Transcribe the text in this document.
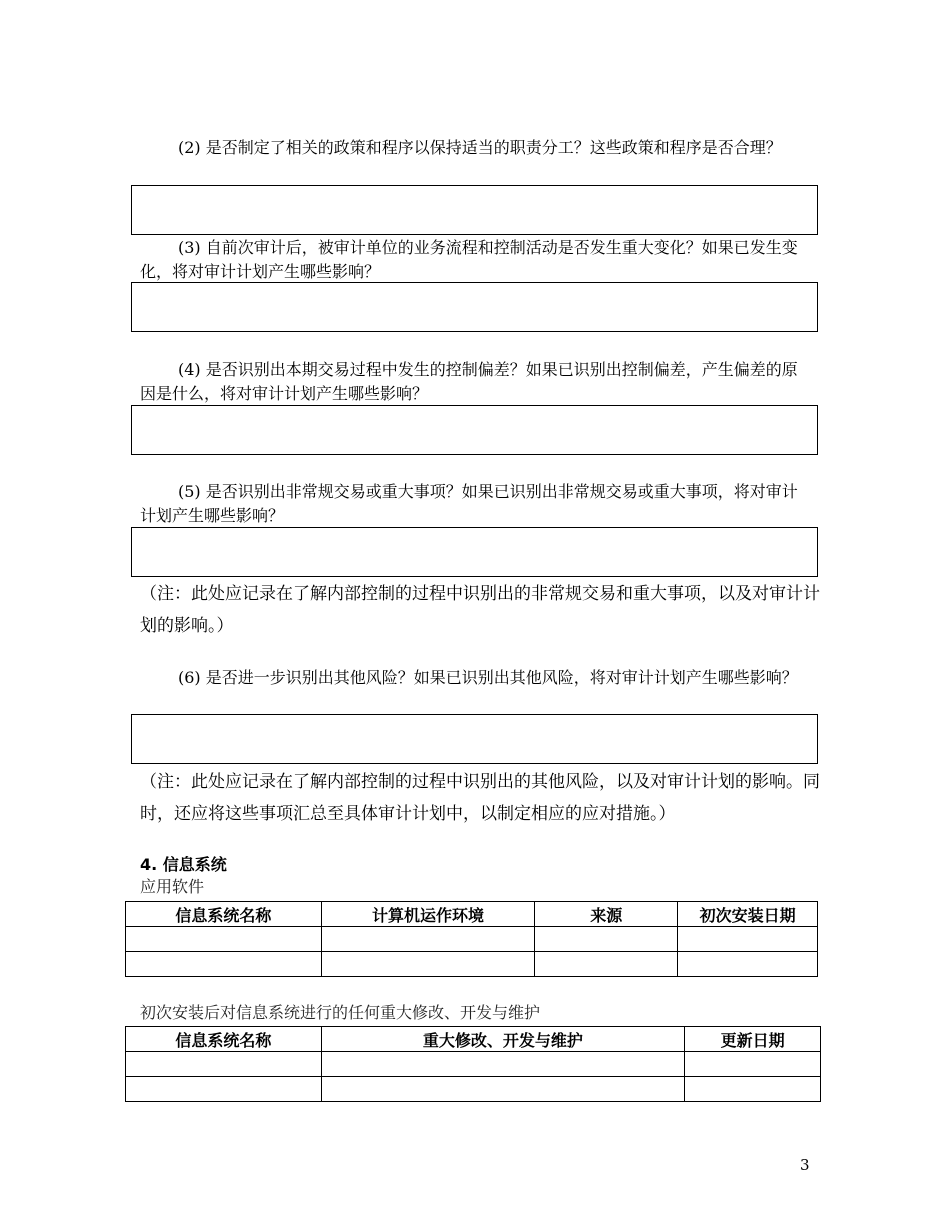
(2) 是否制定了相关的政策和程序以保持适当的职责分工？这些政策和程序是否合理？

(3) 自前次审计后，被审计单位的业务流程和控制活动是否发生重大变化？如果已发生变化，将对审计计划产生哪些影响？

(4) 是否识别出本期交易过程中发生的控制偏差？如果已识别出控制偏差，产生偏差的原因是什么，将对审计计划产生哪些影响？

(5) 是否识别出非常规交易或重大事项？如果已识别出非常规交易或重大事项，将对审计计划产生哪些影响？

（注：此处应记录在了解内部控制的过程中识别出的非常规交易和重大事项，以及对审计计划的影响。）

(6) 是否进一步识别出其他风险？如果已识别出其他风险，将对审计计划产生哪些影响？

（注：此处应记录在了解内部控制的过程中识别出的其他风险，以及对审计计划的影响。同时，还应将这些事项汇总至具体审计计划中，以制定相应的应对措施。）

4. 信息系统
应用软件
信息系统名称	计算机运作环境	来源	初次安装日期

初次安装后对信息系统进行的任何重大修改、开发与维护
信息系统名称	重大修改、开发与维护	更新日期

3
